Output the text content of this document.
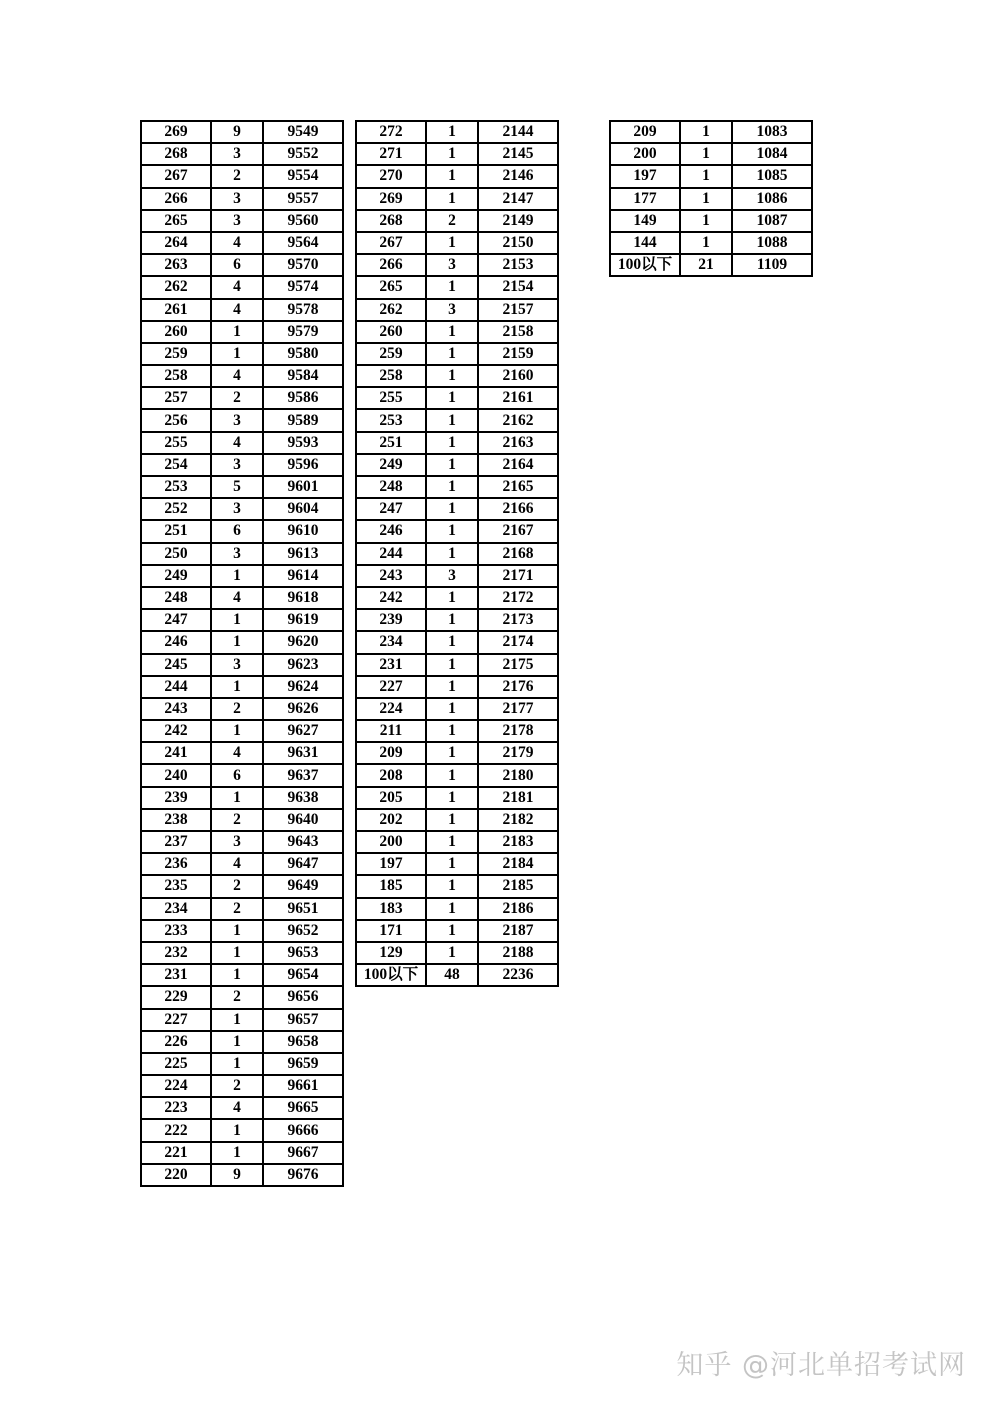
269	9	9549
268	3	9552
267	2	9554
266	3	9557
265	3	9560
264	4	9564
263	6	9570
262	4	9574
261	4	9578
260	1	9579
259	1	9580
258	4	9584
257	2	9586
256	3	9589
255	4	9593
254	3	9596
253	5	9601
252	3	9604
251	6	9610
250	3	9613
249	1	9614
248	4	9618
247	1	9619
246	1	9620
245	3	9623
244	1	9624
243	2	9626
242	1	9627
241	4	9631
240	6	9637
239	1	9638
238	2	9640
237	3	9643
236	4	9647
235	2	9649
234	2	9651
233	1	9652
232	1	9653
231	1	9654
229	2	9656
227	1	9657
226	1	9658
225	1	9659
224	2	9661
223	4	9665
222	1	9666
221	1	9667
220	9	9676
272	1	2144
271	1	2145
270	1	2146
269	1	2147
268	2	2149
267	1	2150
266	3	2153
265	1	2154
262	3	2157
260	1	2158
259	1	2159
258	1	2160
255	1	2161
253	1	2162
251	1	2163
249	1	2164
248	1	2165
247	1	2166
246	1	2167
244	1	2168
243	3	2171
242	1	2172
239	1	2173
234	1	2174
231	1	2175
227	1	2176
224	1	2177
211	1	2178
209	1	2179
208	1	2180
205	1	2181
202	1	2182
200	1	2183
197	1	2184
185	1	2185
183	1	2186
171	1	2187
129	1	2188
100以下	48	2236
209	1	1083
200	1	1084
197	1	1085
177	1	1086
149	1	1087
144	1	1088
100以下	21	1109
知乎 @河北单招考试网
